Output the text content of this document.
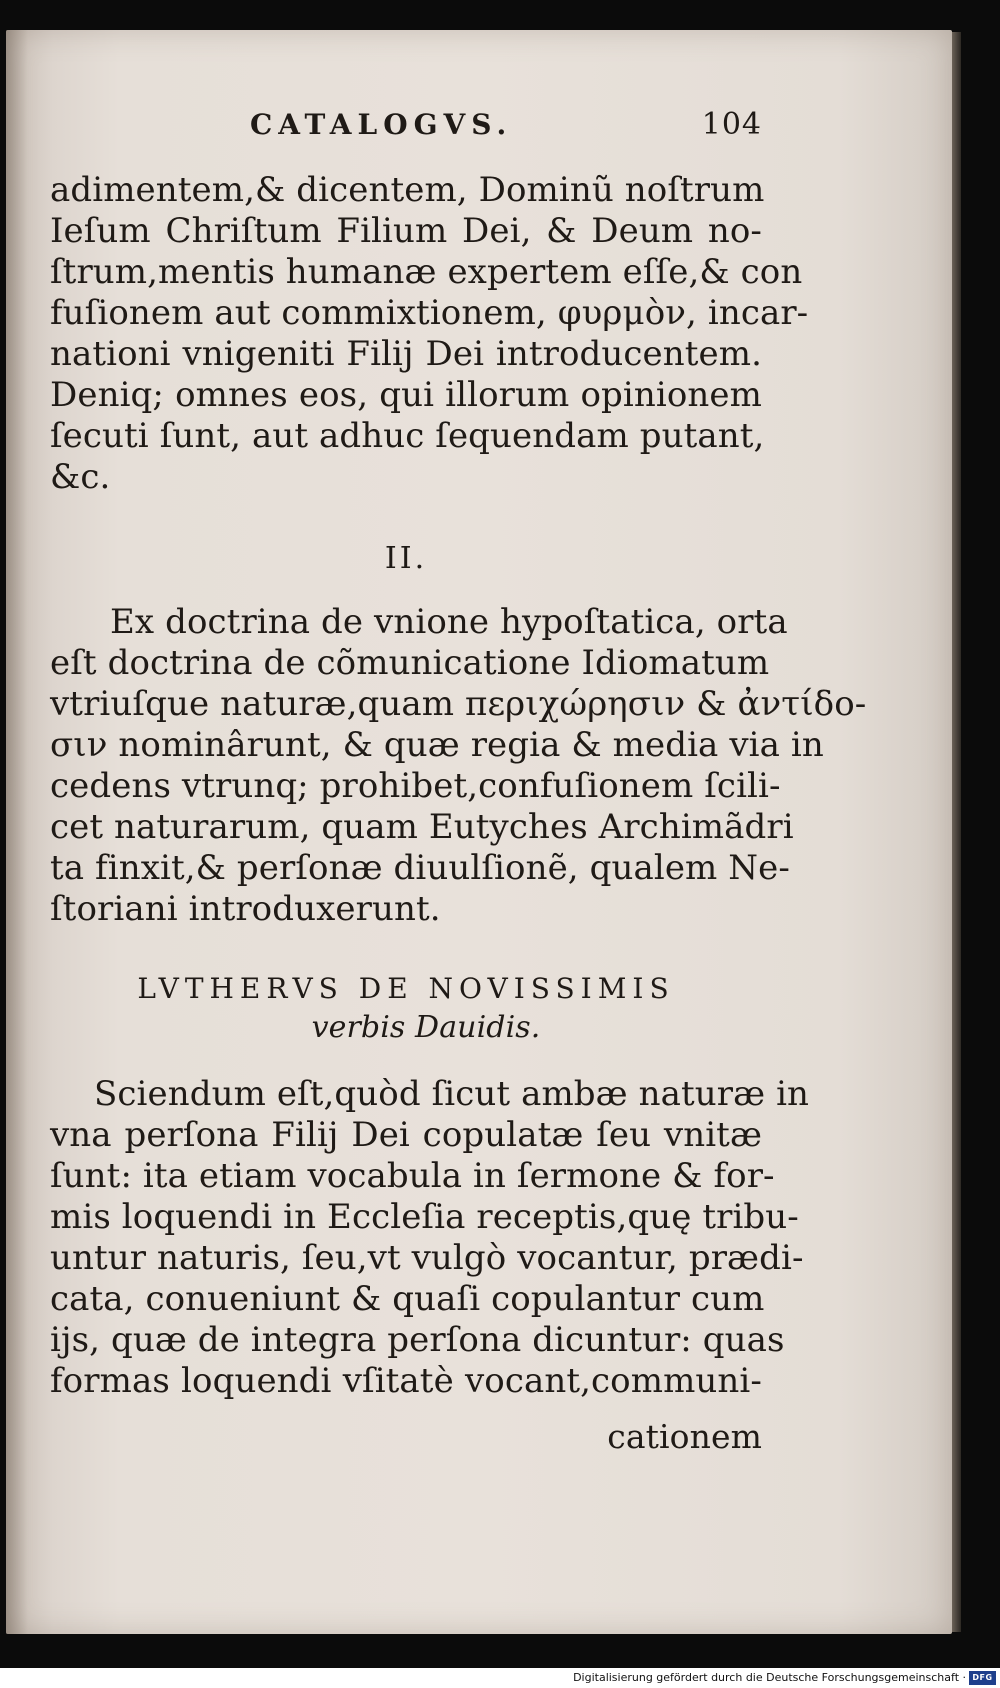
CATALOGVS.	104
adimentem,& dicentem, Dominũ noſtrum
Ieſum Chriſtum Filium Dei, & Deum no-
ſtrum,mentis humanæ expertem eſſe,& con
fuſionem aut commixtionem, φυρμὸν, incar-
nationi vnigeniti Filij Dei introducentem.
Deniq; omnes eos, qui illorum opinionem
ſecuti ſunt, aut adhuc ſequendam putant,
&c.
II.
Ex doctrina de vnione hypoſtatica, orta
eſt doctrina de cõmunicatione Idiomatum
vtriuſque naturæ,quam περιχώρησιν & ἀντίδο-
σιν nominârunt, & quæ regia & media via in
cedens vtrunq; prohibet,confuſionem ſcili-
cet naturarum, quam Eutyches Archimãdri
ta finxit,& perſonæ diuulſionẽ, qualem Ne-
ſtoriani introduxerunt.
LVTHERVS DE NOVISSIMIS
verbis Dauidis.
Sciendum eſt,quòd ſicut ambæ naturæ in
vna perſona Filij Dei copulatæ ſeu vnitæ
ſunt: ita etiam vocabula in ſermone & for-
mis loquendi in Eccleſia receptis,quę tribu-
untur naturis, ſeu,vt vulgò vocantur, prædi-
cata, conueniunt & quaſi copulantur cum
ijs, quæ de integra perſona dicuntur: quas
formas loquendi vſitatè vocant,communi-
cationem
Digitalisierung gefördert durch die Deutsche Forschungsgemeinschaft · DFG
